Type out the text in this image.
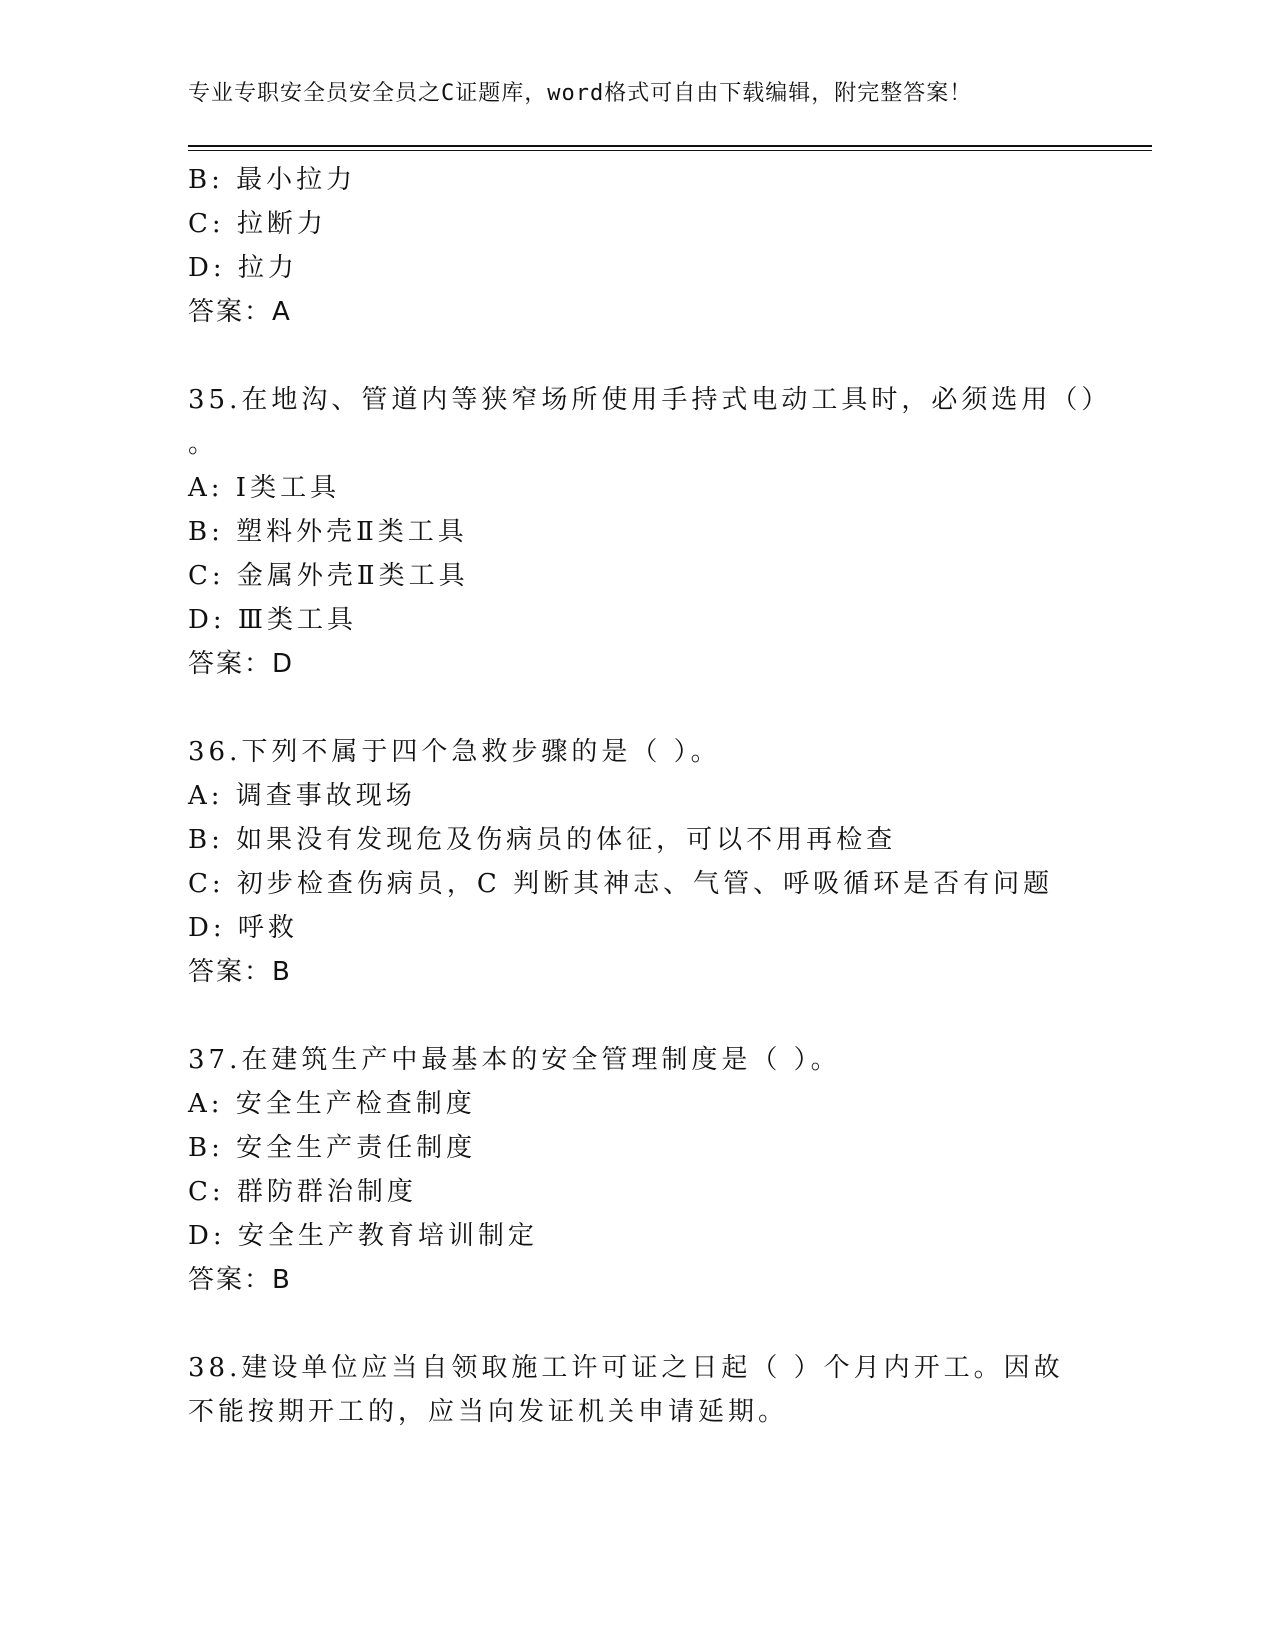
专业专职安全员安全员之C证题库，word格式可自由下载编辑，附完整答案！
B: 最小拉力
C: 拉断力
D: 拉力
答案：A
35.在地沟、管道内等狭窄场所使用手持式电动工具时，必须选用（）
。
A: Ⅰ类工具
B: 塑料外壳Ⅱ类工具
C: 金属外壳Ⅱ类工具
D: Ⅲ类工具
答案：D
36.下列不属于四个急救步骤的是（ ）。
A: 调查事故现场
B: 如果没有发现危及伤病员的体征，可以不用再检查
C: 初步检查伤病员，C 判断其神志、气管、呼吸循环是否有问题
D: 呼救
答案：B
37.在建筑生产中最基本的安全管理制度是（ ）。
A: 安全生产检查制度
B: 安全生产责任制度
C: 群防群治制度
D: 安全生产教育培训制定
答案：B
38.建设单位应当自领取施工许可证之日起（ ）个月内开工。因故
不能按期开工的，应当向发证机关申请延期。
